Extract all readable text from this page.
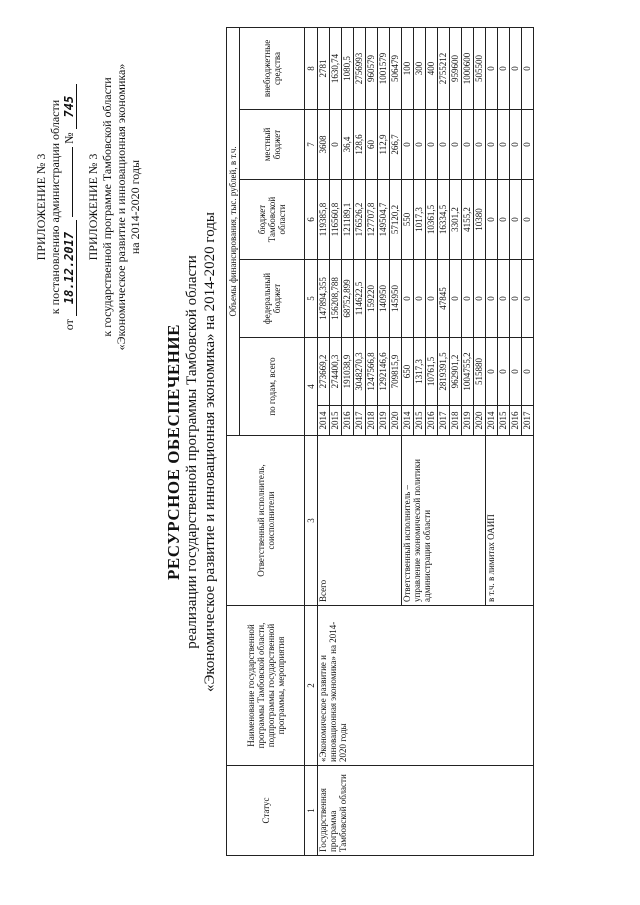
ПРИЛОЖЕНИЕ № 3 к постановлению администрации области
от 18.12.2017  № 745
ПРИЛОЖЕНИЕ № 3 к государственной программе Тамбовской области «Экономическое развитие и инновационная экономика» на 2014-2020 годы
РЕСУРСНОЕ ОБЕСПЕЧЕНИЕ реализации государственной программы Тамбовской области «Экономическое развитие и инновационная экономика» на 2014-2020 годы
Статус	Наименование государственной программы Тамбовской области, подпрограммы государственной программы, мероприятия	Ответственный исполнитель, соисполнители	Объемы финансирования, тыс. рублей, в т.ч.					
			по годам, всего		федеральный бюджет	бюджет Тамбовской области	местный бюджет	внебюджетные средства
1	2	3	4		5	6	7	8
Государственная программа Тамбовской области	«Экономическое развитие и инновационная экономика» на 2014-2020 годы	Всего	2014	273669,2	147894,355	119385,8	3608	2781
			2015	274400,3	156208,788	116560,8	0	1630,74
			2016	191038,9	68752,899	121189,1	36,4	1080,5
			2017	3048270,3	114622,5	176526,2	128,6	2756993
			2018	1247566,8	159220	127707,8	60	960579
			2019	1292146,6	140950	149504,7	112,9	1001579
			2020	709815,9	145950	57120,2	266,7	506479
		Ответственный исполнитель – управление экономической политики администрации области	2014	650	0	550	0	100
			2015	1317,3	0	1017,3	0	300
			2016	10761,5	0	10361,5	0	400
			2017	2819391,5	47845	16334,5	0	2755212
			2018	962901,2	0	3301,2	0	959600
			2019	1004755,2	0	4155,2	0	1000600
			2020	515880	0	10380	0	505500
		в т.ч. в лимитах ОАИП	2014	0	0	0	0	0
			2015	0	0	0	0	0
			2016	0	0	0	0	0
			2017	0	0	0	0	0
